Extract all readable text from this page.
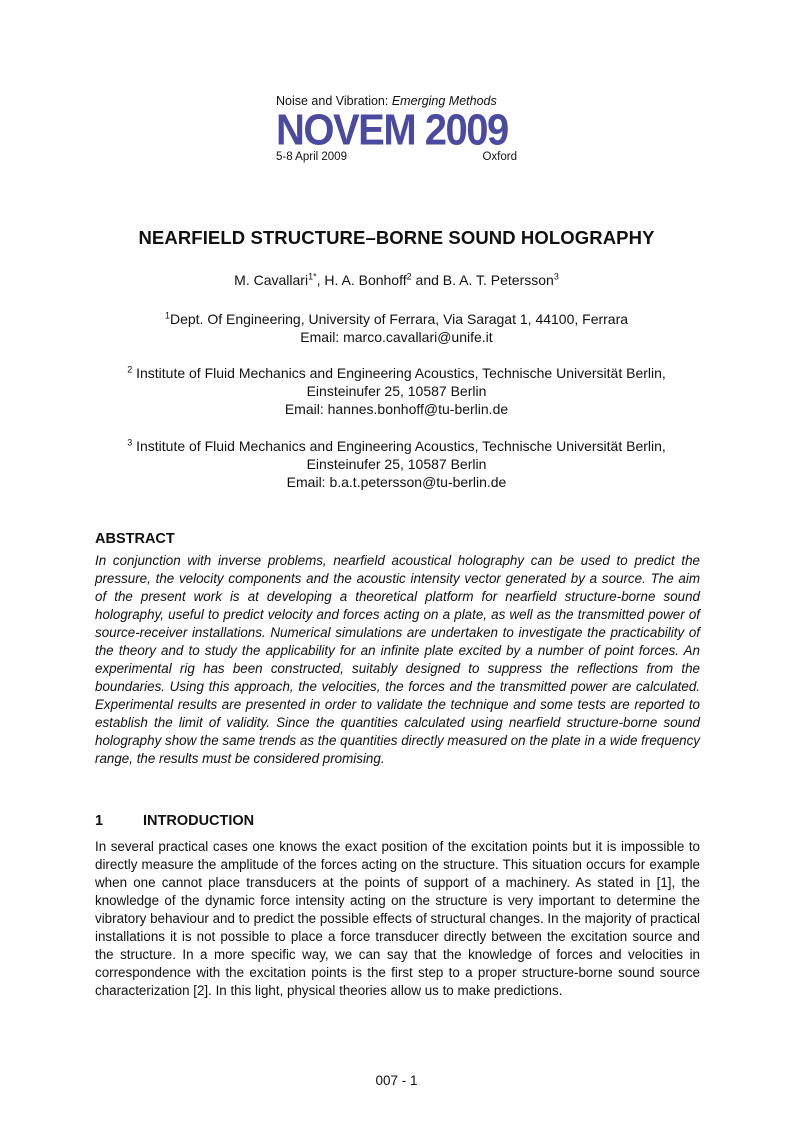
Noise and Vibration: Emerging Methods
NOVEM 2009
5-8 April 2009	Oxford
NEARFIELD STRUCTURE–BORNE SOUND HOLOGRAPHY
M. Cavallari$^{1*}$, H. A. Bonhoff$^2$ and B. A. T. Petersson$^3$
$^1$Dept. Of Engineering, University of Ferrara, Via Saragat 1, 44100, Ferrara
Email: marco.cavallari@unife.it
$^2$ Institute of Fluid Mechanics and Engineering Acoustics, Technische Universität Berlin,
Einsteinufer 25, 10587 Berlin
Email: hannes.bonhoff@tu-berlin.de
$^3$ Institute of Fluid Mechanics and Engineering Acoustics, Technische Universität Berlin,
Einsteinufer 25, 10587 Berlin
Email: b.a.t.petersson@tu-berlin.de
ABSTRACT
In conjunction with inverse problems, nearfield acoustical holography can be used to predict the pressure, the velocity components and the acoustic intensity vector generated by a source. The aim of the present work is at developing a theoretical platform for nearfield structure-borne sound holography, useful to predict velocity and forces acting on a plate, as well as the transmitted power of source-receiver installations. Numerical simulations are undertaken to investigate the practicability of the theory and to study the applicability for an infinite plate excited by a number of point forces. An experimental rig has been constructed, suitably designed to suppress the reflections from the boundaries. Using this approach, the velocities, the forces and the transmitted power are calculated. Experimental results are presented in order to validate the technique and some tests are reported to establish the limit of validity. Since the quantities calculated using nearfield structure-borne sound holography show the same trends as the quantities directly measured on the plate in a wide frequency range, the results must be considered promising.
1	INTRODUCTION
In several practical cases one knows the exact position of the excitation points but it is impossible to directly measure the amplitude of the forces acting on the structure. This situation occurs for example when one cannot place transducers at the points of support of a machinery. As stated in [1], the knowledge of the dynamic force intensity acting on the structure is very important to determine the vibratory behaviour and to predict the possible effects of structural changes. In the majority of practical installations it is not possible to place a force transducer directly between the excitation source and the structure. In a more specific way, we can say that the knowledge of forces and velocities in correspondence with the excitation points is the first step to a proper structure-borne sound source characterization [2]. In this light, physical theories allow us to make predictions.
007 - 1
